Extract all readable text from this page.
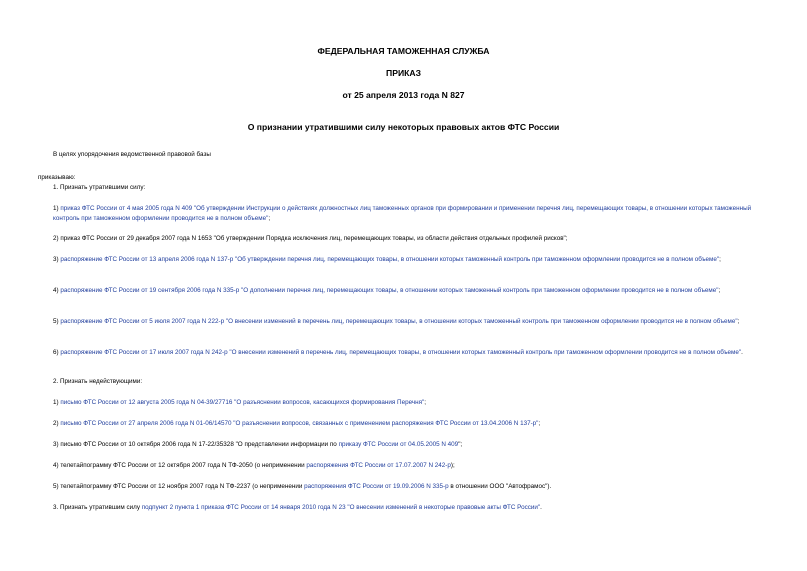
ФЕДЕРАЛЬНАЯ ТАМОЖЕННАЯ СЛУЖБА
ПРИКАЗ
от 25 апреля 2013 года N 827
О признании утратившими силу некоторых правовых актов ФТС России
В целях упорядочения ведомственной правовой базы
приказываю:
1. Признать утратившими силу:
1) приказ ФТС России от 4 мая 2005 года N 409 "Об утверждении Инструкции о действиях должностных лиц таможенных органов при формировании и применении перечня лиц, перемещающих товары, в отношении которых таможенный контроль при таможенном оформлении проводится не в полном объеме";
2) приказ ФТС России от 29 декабря 2007 года N 1653 "Об утверждении Порядка исключения лиц, перемещающих товары, из области действия отдельных профилей рисков";
3) распоряжение ФТС России от 13 апреля 2006 года N 137-р "Об утверждении перечня лиц, перемещающих товары, в отношении которых таможенный контроль при таможенном оформлении проводится не в полном объеме";
4) распоряжение ФТС России от 19 сентября 2006 года N 335-р "О дополнении перечня лиц, перемещающих товары, в отношении которых таможенный контроль при таможенном оформлении проводится не в полном объеме";
5) распоряжение ФТС России от 5 июля 2007 года N 222-р "О внесении изменений в перечень лиц, перемещающих товары, в отношении которых таможенный контроль при таможенном оформлении проводится не в полном объеме";
6) распоряжение ФТС России от 17 июля 2007 года N 242-р "О внесении изменений в перечень лиц, перемещающих товары, в отношении которых таможенный контроль при таможенном оформлении проводится не в полном объеме".
2. Признать недействующими:
1) письмо ФТС России от 12 августа 2005 года N 04-39/27716 "О разъяснении вопросов, касающихся формирования Перечня";
2) письмо ФТС России от 27 апреля 2006 года N 01-06/14570 "О разъяснении вопросов, связанных с применением распоряжения ФТС России от 13.04.2006 N 137-р";
3) письмо ФТС России от 10 октября 2006 года N 17-22/35328 "О представлении информации по приказу ФТС России от 04.05.2005 N 409";
4) телетайпограмму ФТС России от 12 октября 2007 года N ТФ-2050 (о неприменении распоряжения ФТС России от 17.07.2007 N 242-р);
5) телетайпограмму ФТС России от 12 ноября 2007 года N ТФ-2237 (о неприменении распоряжения ФТС России от 19.09.2006 N 335-р в отношении ООО "Автофрамос").
3. Признать утратившим силу подпункт 2 пункта 1 приказа ФТС России от 14 января 2010 года N 23 "О внесении изменений в некоторые правовые акты ФТС России".
